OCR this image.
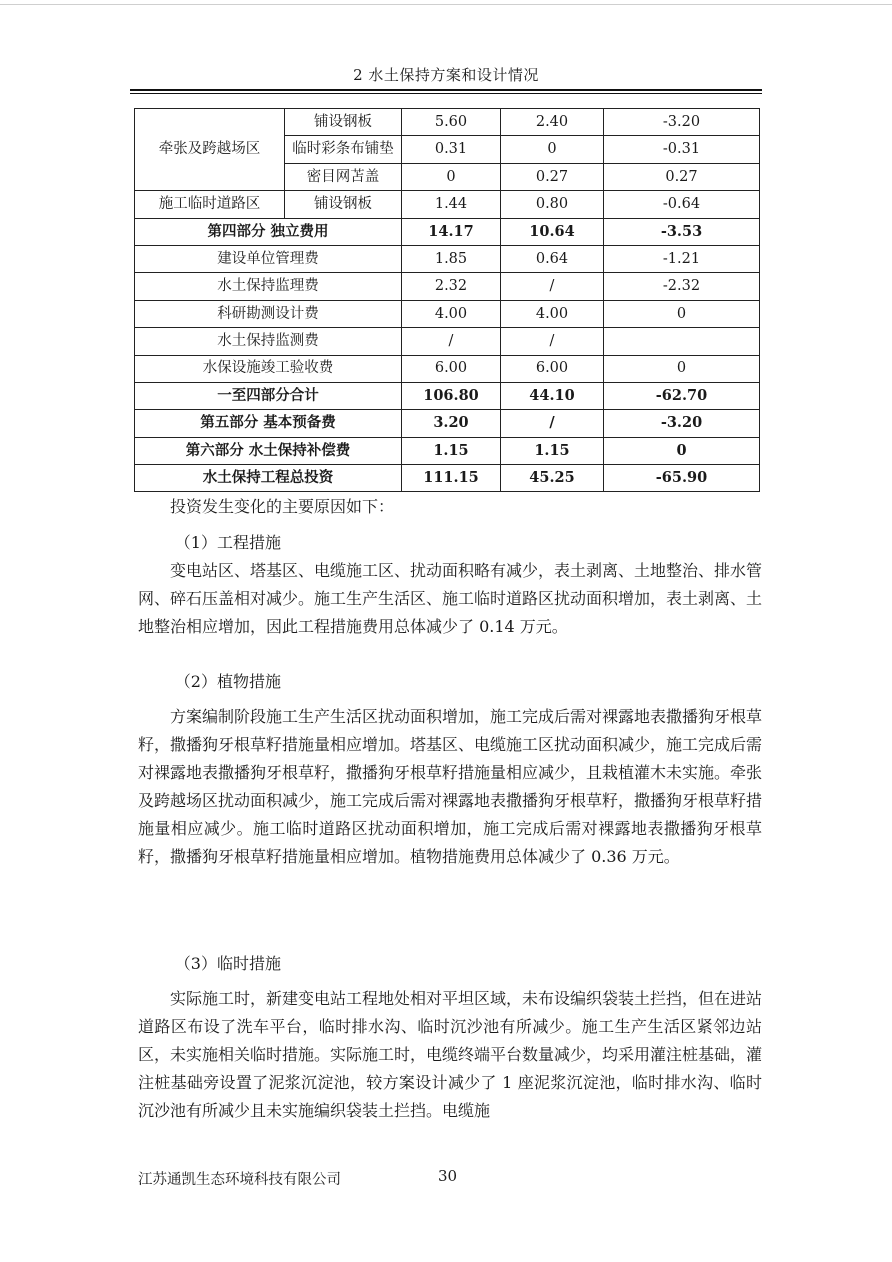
2 水土保持方案和设计情况
牵张及跨越场区	铺设钢板	5.60	2.40	-3.20
	临时彩条布铺垫	0.31	0	-0.31
	密目网苫盖	0	0.27	0.27
施工临时道路区	铺设钢板	1.44	0.80	-0.64
第四部分 独立费用		14.17	10.64	-3.53
建设单位管理费		1.85	0.64	-1.21
水土保持监理费		2.32	/	-2.32
科研勘测设计费		4.00	4.00	0
水土保持监测费		/	/	
水保设施竣工验收费		6.00	6.00	0
一至四部分合计		106.80	44.10	-62.70
第五部分 基本预备费		3.20	/	-3.20
第六部分 水土保持补偿费		1.15	1.15	0
水土保持工程总投资		111.15	45.25	-65.90
投资发生变化的主要原因如下：
（1）工程措施
变电站区、塔基区、电缆施工区、扰动面积略有减少，表土剥离、土地整治、排水管网、碎石压盖相对减少。施工生产生活区、施工临时道路区扰动面积增加，表土剥离、土地整治相应增加，因此工程措施费用总体减少了 0.14 万元。
（2）植物措施
方案编制阶段施工生产生活区扰动面积增加，施工完成后需对裸露地表撒播狗牙根草籽，撒播狗牙根草籽措施量相应增加。塔基区、电缆施工区扰动面积减少，施工完成后需对裸露地表撒播狗牙根草籽，撒播狗牙根草籽措施量相应减少，且栽植灌木未实施。牵张及跨越场区扰动面积减少，施工完成后需对裸露地表撒播狗牙根草籽，撒播狗牙根草籽措施量相应减少。施工临时道路区扰动面积增加，施工完成后需对裸露地表撒播狗牙根草籽，撒播狗牙根草籽措施量相应增加。植物措施费用总体减少了 0.36 万元。
（3）临时措施
实际施工时，新建变电站工程地处相对平坦区域，未布设编织袋装土拦挡，但在进站道路区布设了洗车平台，临时排水沟、临时沉沙池有所减少。施工生产生活区紧邻边站区，未实施相关临时措施。实际施工时，电缆终端平台数量减少，均采用灌注桩基础，灌注桩基础旁设置了泥浆沉淀池，较方案设计减少了 1 座泥浆沉淀池，临时排水沟、临时沉沙池有所减少且未实施编织袋装土拦挡。电缆施
江苏通凯生态环境科技有限公司	30
